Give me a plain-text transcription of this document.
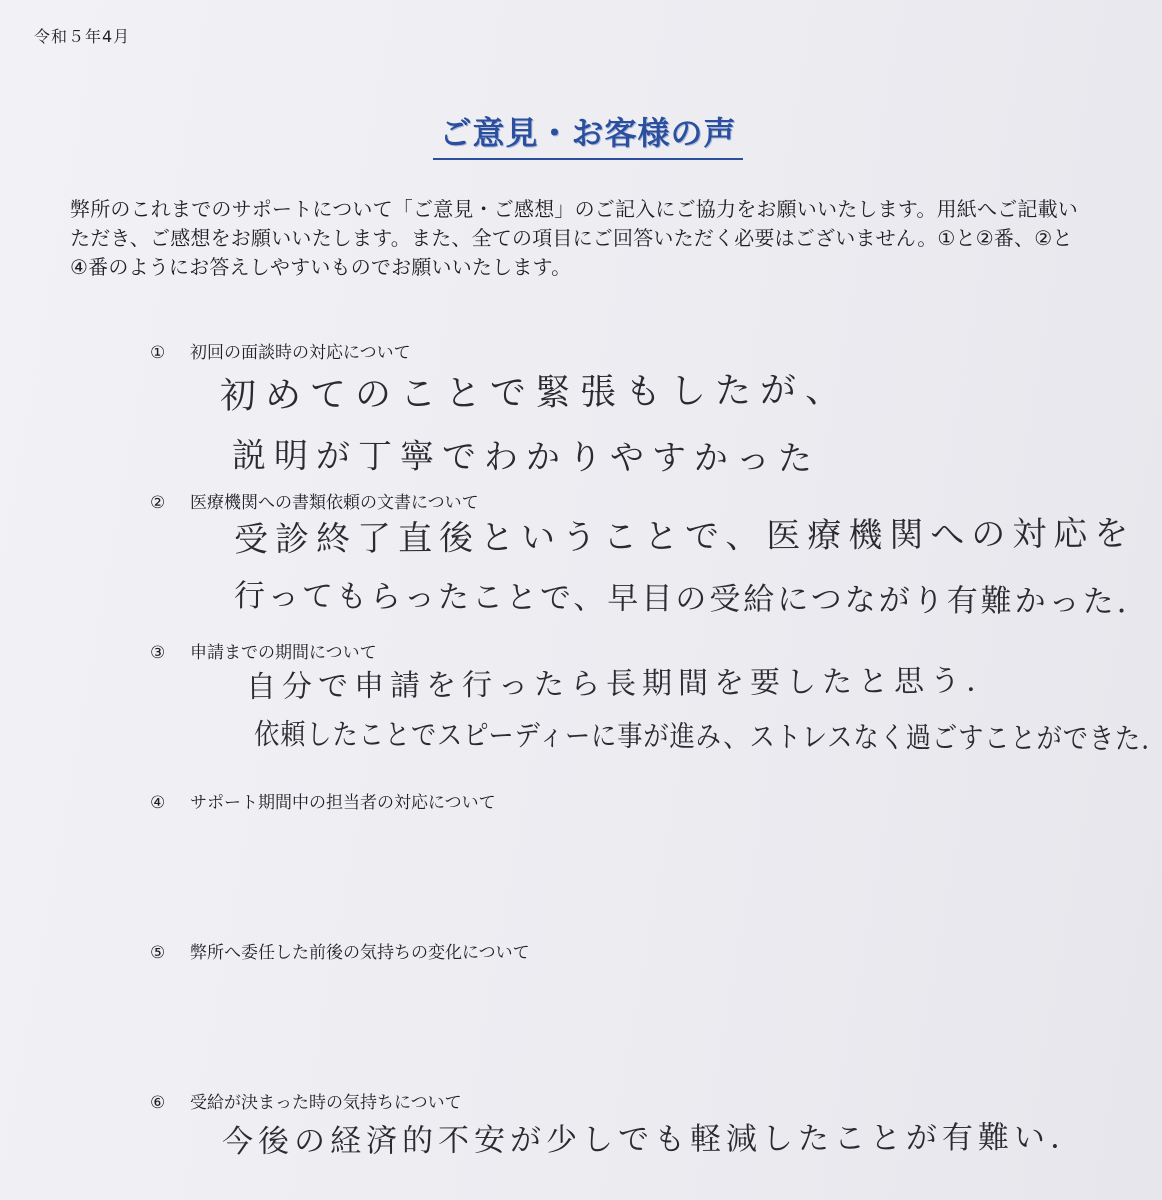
令和５年4月
ご意見・お客様の声
弊所のこれまでのサポートについて「ご意見・ご感想」のご記入にご協力をお願いいたします。用紙へご記載いただき、ご感想をお願いいたします。また、全ての項目にご回答いただく必要はございません。①と②番、②と④番のようにお答えしやすいものでお願いいたします。
① 初回の面談時の対応について
初めてのことで緊張もしたが、
説明が丁寧でわかりやすかった
② 医療機関への書類依頼の文書について
受診終了直後ということで、医療機関への対応を
行ってもらったことで、早目の受給につながり有難かった.
③ 申請までの期間について
自分で申請を行ったら長期間を要したと思う.
依頼したことでスピーディーに事が進み、ストレスなく過ごすことができた.
④ サポート期間中の担当者の対応について
⑤ 弊所へ委任した前後の気持ちの変化について
⑥ 受給が決まった時の気持ちについて
今後の経済的不安が少しでも軽減したことが有難い.
